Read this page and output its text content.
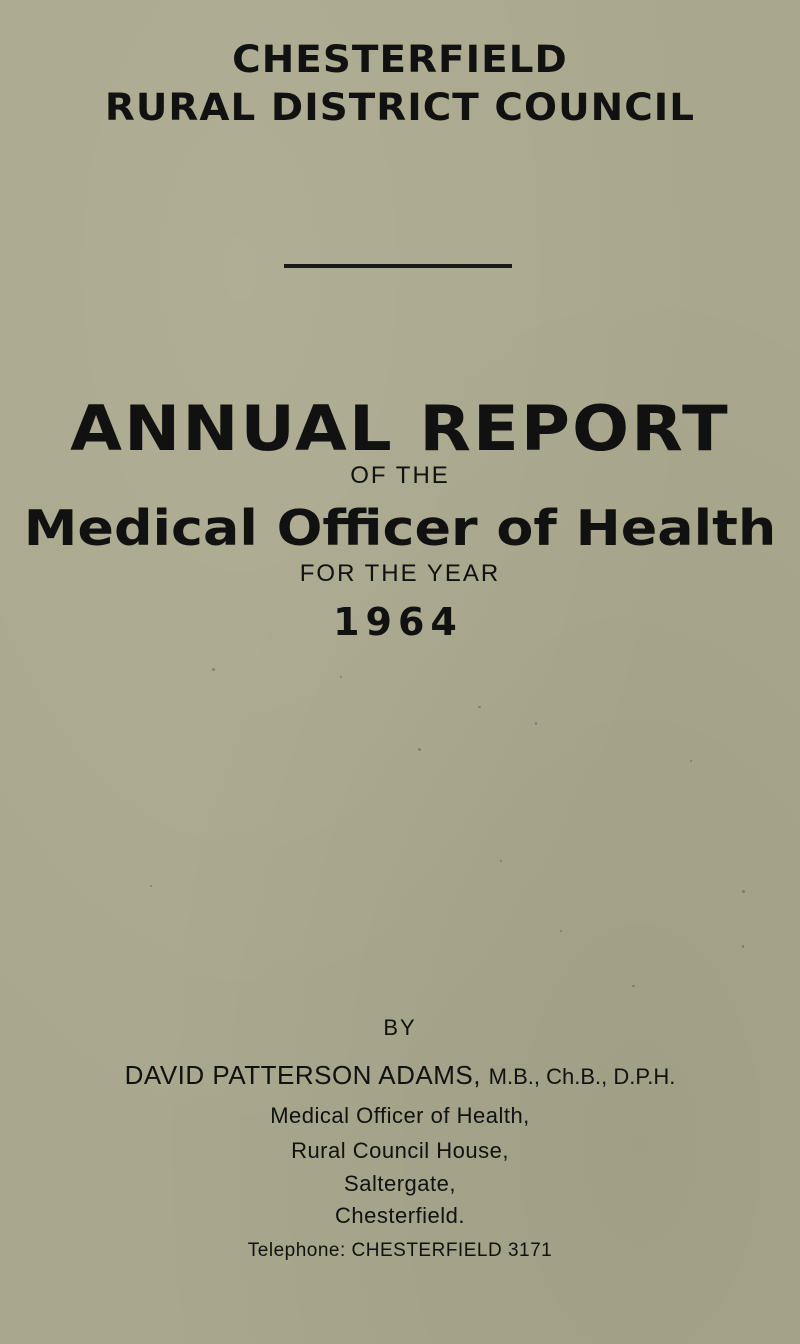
CHESTERFIELD
RURAL DISTRICT COUNCIL
ANNUAL REPORT
OF THE
Medical Officer of Health
FOR THE YEAR
1964
BY
DAVID PATTERSON ADAMS, M.B., Ch.B., D.P.H.
Medical Officer of Health,
Rural Council House,
Saltergate,
Chesterfield.
Telephone: CHESTERFIELD 3171
